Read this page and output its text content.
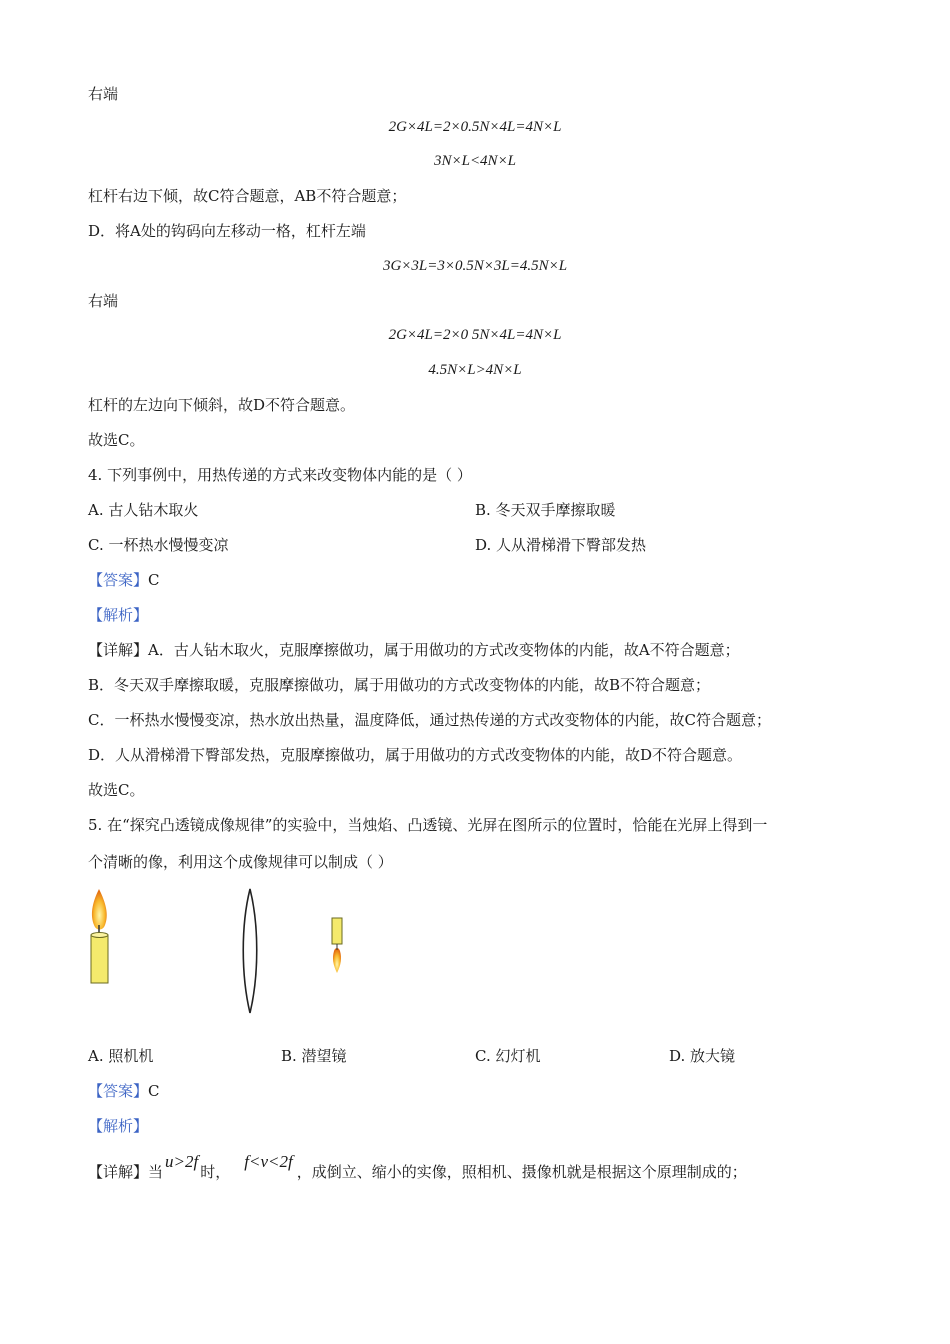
右端
2G×4L=2×0.5N×4L=4N×L
3N×L<4N×L
杠杆右边下倾，故C符合题意，AB不符合题意；
D．将A处的钩码向左移动一格，杠杆左端
3G×3L=3×0.5N×3L=4.5N×L
右端
2G×4L=2×0 5N×4L=4N×L
4.5N×L>4N×L
杠杆的左边向下倾斜，故D不符合题意。
故选C。
4. 下列事例中，用热传递的方式来改变物体内能的是（ ）
A. 古人钻木取火	B. 冬天双手摩擦取暖
C. 一杯热水慢慢变凉	D. 人从滑梯滑下臀部发热
【答案】C
【解析】
【详解】A．古人钻木取火，克服摩擦做功，属于用做功的方式改变物体的内能，故A不符合题意；
B．冬天双手摩擦取暖，克服摩擦做功，属于用做功的方式改变物体的内能，故B不符合题意；
C．一杯热水慢慢变凉，热水放出热量，温度降低，通过热传递的方式改变物体的内能，故C符合题意；
D．人从滑梯滑下臀部发热，克服摩擦做功，属于用做功的方式改变物体的内能，故D不符合题意。
故选C。
5. 在“探究凸透镜成像规律”的实验中，当烛焰、凸透镜、光屏在图所示的位置时，恰能在光屏上得到一
个清晰的像，利用这个成像规律可以制成（ ）
A. 照机机	B. 潜望镜	C. 幻灯机	D. 放大镜
【答案】C
【解析】
【详解】当u>2f时，f<v<2f，成倒立、缩小的实像，照相机、摄像机就是根据这个原理制成的；
